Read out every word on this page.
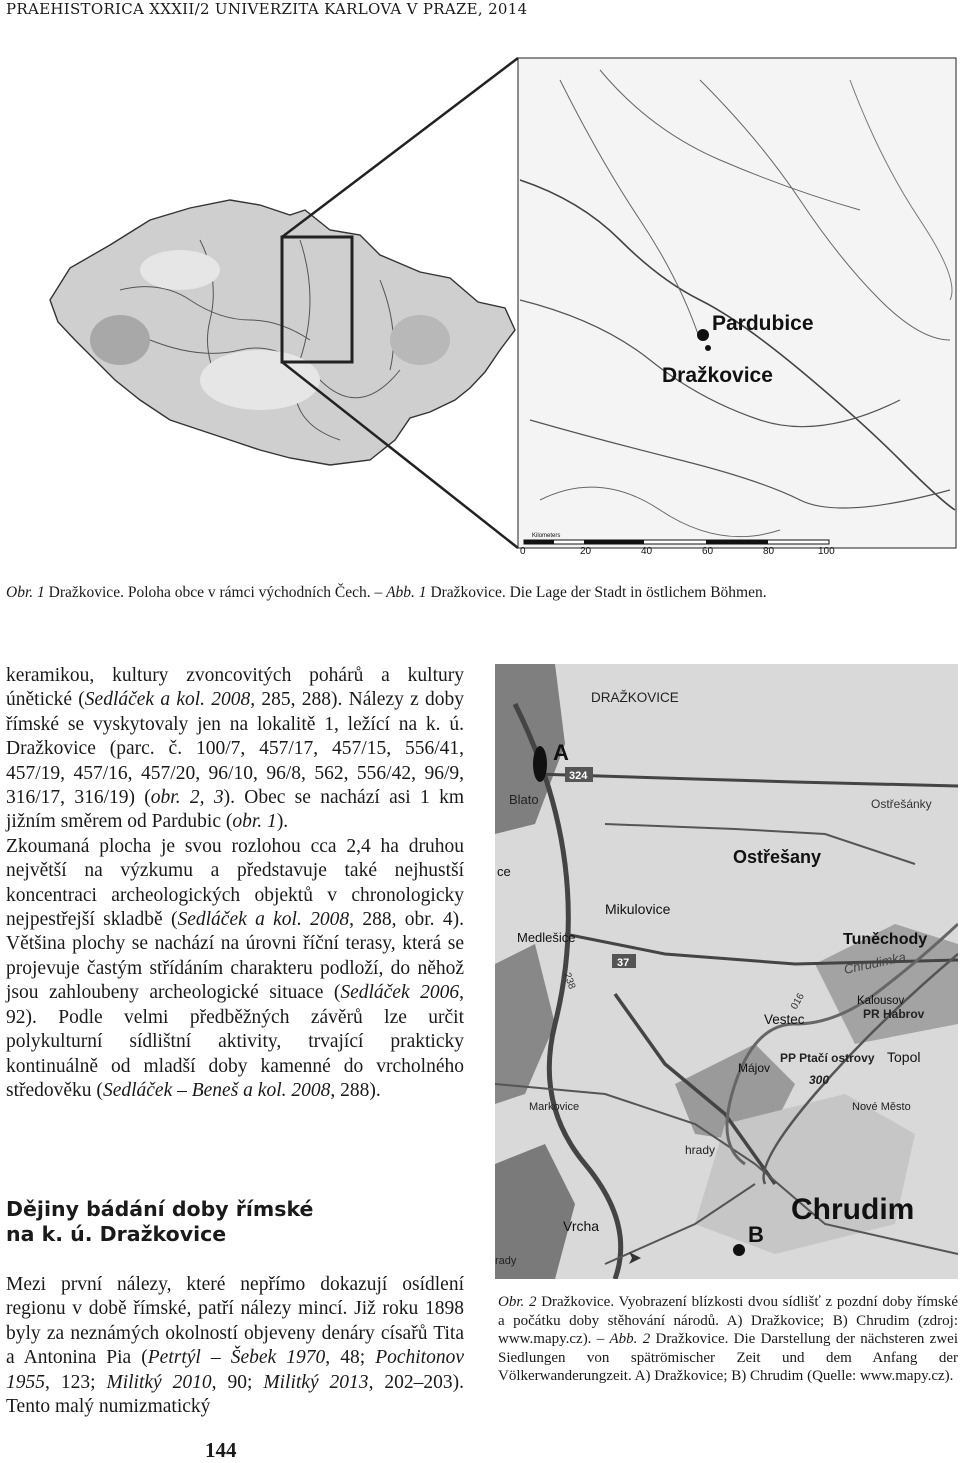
PRAEHISTORICA XXXII/2 UNIVERZITA KARLOVA V PRAZE, 2014
Pardubice
Dražkovice
Kilometers
0	20	40	60	80	100
Obr. 1 Dražkovice. Poloha obce v rámci východních Čech. – Abb. 1 Dražkovice. Die Lage der Stadt in östlichem Böhmen.

keramikou, kultury zvoncovitých pohárů a kultury únětické (Sedláček a kol. 2008, 285, 288). Nálezy z doby římské se vyskytovaly jen na lokalitě 1, ležící na k. ú. Dražkovice (parc. č. 100/7, 457/17, 457/15, 556/41, 457/19, 457/16, 457/20, 96/10, 96/8, 562, 556/42, 96/9, 316/17, 316/19) (obr. 2, 3). Obec se nachází asi 1 km jižním směrem od Pardubic (obr. 1).

Zkoumaná plocha je svou rozlohou cca 2,4 ha druhou největší na výzkumu a představuje také nejhustší koncentraci archeologických objektů v chronologicky nejpestřejší skladbě (Sedláček a kol. 2008, 288, obr. 4). Většina plochy se nachází na úrovni říční terasy, která se projevuje častým střídáním charakteru podloží, do něhož jsou zahloubeny archeologické situace (Sedláček 2006, 92). Podle velmi předběžných závěrů lze určit polykulturní sídlištní aktivity, trvající prakticky kontinuálně od mladší doby kamenné do vrcholného středověku (Sedláček – Beneš a kol. 2008, 288).

Dějiny bádání doby římské
na k. ú. Dražkovice
Mezi první nálezy, které nepřímo dokazují osídlení regionu v době římské, patří nálezy mincí. Již roku 1898 byly za neznámých okolností objeveny denáry císařů Tita a Antonina Pia (Petrtýl – Šebek 1970, 48; Pochitonov 1955, 123; Militký 2010, 90; Militký 2013, 202–203). Tento malý numizmatický
A
B
DRAŽKOVICE
Blato
324
Ostřešánky
Ostřešany
Mikulovice
Medlešice
ce
Tuněchody
Chrudimka
37
238
Vestec
Kalousov
PR Habrov
016
Májov
PP Ptačí ostrovy Topol
300
Markovice	Nové Město
hrady
Chrudim
Vrcha
rady
Obr. 2 Dražkovice. Vyobrazení blízkosti dvou sídlišť z pozdní doby římské a počátku doby stěhování národů. A) Dražkovice; B) Chrudim (zdroj: www.mapy.cz). – Abb. 2 Dražkovice. Die Darstellung der nächsteren zwei Siedlungen von spätrömischer Zeit und dem Anfang der Völkerwanderungzeit. A) Dražkovice; B) Chrudim (Quelle: www.mapy.cz).
144
